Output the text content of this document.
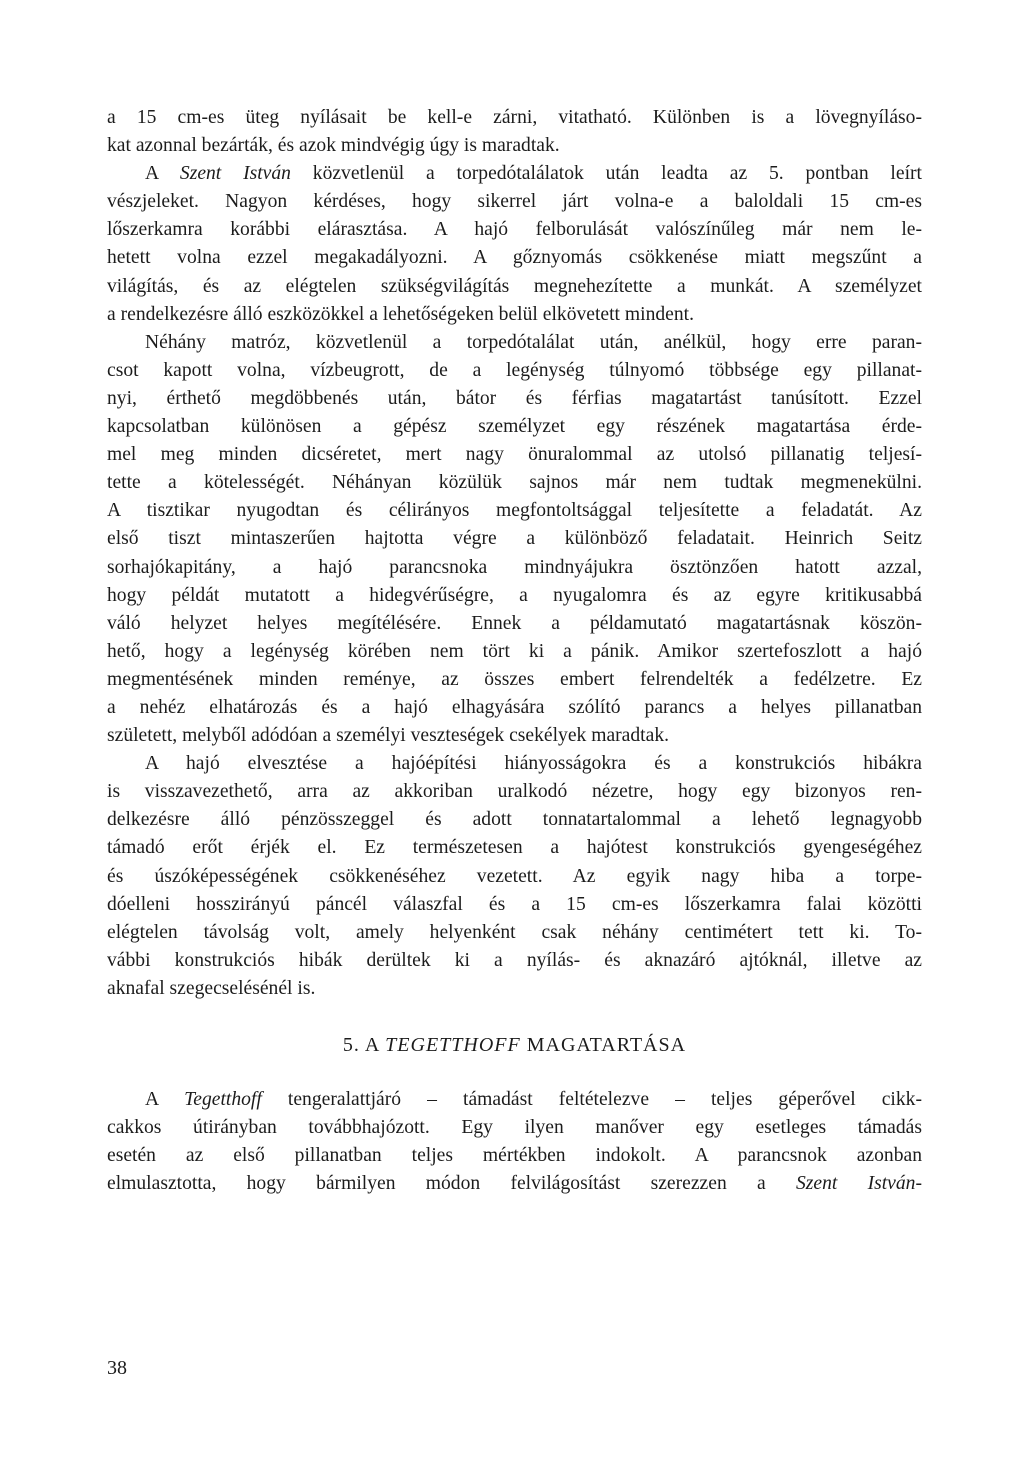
a 15 cm-es üteg nyílásait be kell-e zárni, vitatható. Különben is a lövegnyíláso-
kat azonnal bezárták, és azok mindvégig úgy is maradtak.
A Szent István közvetlenül a torpedótalálatok után leadta az 5. pontban leírt
vészjeleket. Nagyon kérdéses, hogy sikerrel járt volna-e a baloldali 15 cm-es
lőszerkamra korábbi elárasztása. A hajó felborulását valószínűleg már nem le-
hetett volna ezzel megakadályozni. A gőznyomás csökkenése miatt megszűnt a
világítás, és az elégtelen szükségvilágítás megnehezítette a munkát. A személyzet
a rendelkezésre álló eszközökkel a lehetőségeken belül elkövetett mindent.
Néhány matróz, közvetlenül a torpedótalálat után, anélkül, hogy erre paran-
csot kapott volna, vízbeugrott, de a legénység túlnyomó többsége egy pillanat-
nyi, érthető megdöbbenés után, bátor és férfias magatartást tanúsított. Ezzel
kapcsolatban különösen a gépész személyzet egy részének magatartása érde-
mel meg minden dicséretet, mert nagy önuralommal az utolsó pillanatig teljesí-
tette a kötelességét. Néhányan közülük sajnos már nem tudtak megmenekülni.
A tisztikar nyugodtan és célirányos megfontoltsággal teljesítette a feladatát. Az
első tiszt mintaszerűen hajtotta végre a különböző feladatait. Heinrich Seitz
sorhajókapitány, a hajó parancsnoka mindnyájukra ösztönzően hatott azzal,
hogy példát mutatott a hidegvérűségre, a nyugalomra és az egyre kritikusabbá
váló helyzet helyes megítélésére. Ennek a példamutató magatartásnak köszön-
hető, hogy a legénység körében nem tört ki a pánik. Amikor szertefoszlott a hajó
megmentésének minden reménye, az összes embert felrendelték a fedélzetre. Ez
a nehéz elhatározás és a hajó elhagyására szólító parancs a helyes pillanatban
született, melyből adódóan a személyi veszteségek csekélyek maradtak.
A hajó elvesztése a hajóépítési hiányosságokra és a konstrukciós hibákra
is visszavezethető, arra az akkoriban uralkodó nézetre, hogy egy bizonyos ren-
delkezésre álló pénzösszeggel és adott tonnatartalommal a lehető legnagyobb
támadó erőt érjék el. Ez természetesen a hajótest konstrukciós gyengeségéhez
és úszóképességének csökkenéséhez vezetett. Az egyik nagy hiba a torpe-
dóelleni hosszirányú páncél válaszfal és a 15 cm-es lőszerkamra falai közötti
elégtelen távolság volt, amely helyenként csak néhány centimétert tett ki. To-
vábbi konstrukciós hibák derültek ki a nyílás- és aknazáró ajtóknál, illetve az
aknafal szegecselésénél is.
5. A TEGETTHOFF MAGATARTÁSA
A Tegetthoff tengeralattjáró – támadást feltételezve – teljes géperővel cikk-
cakkos útirányban továbbhajózott. Egy ilyen manőver egy esetleges támadás
esetén az első pillanatban teljes mértékben indokolt. A parancsnok azonban
elmulasztotta, hogy bármilyen módon felvilágosítást szerezzen a Szent István-
38
